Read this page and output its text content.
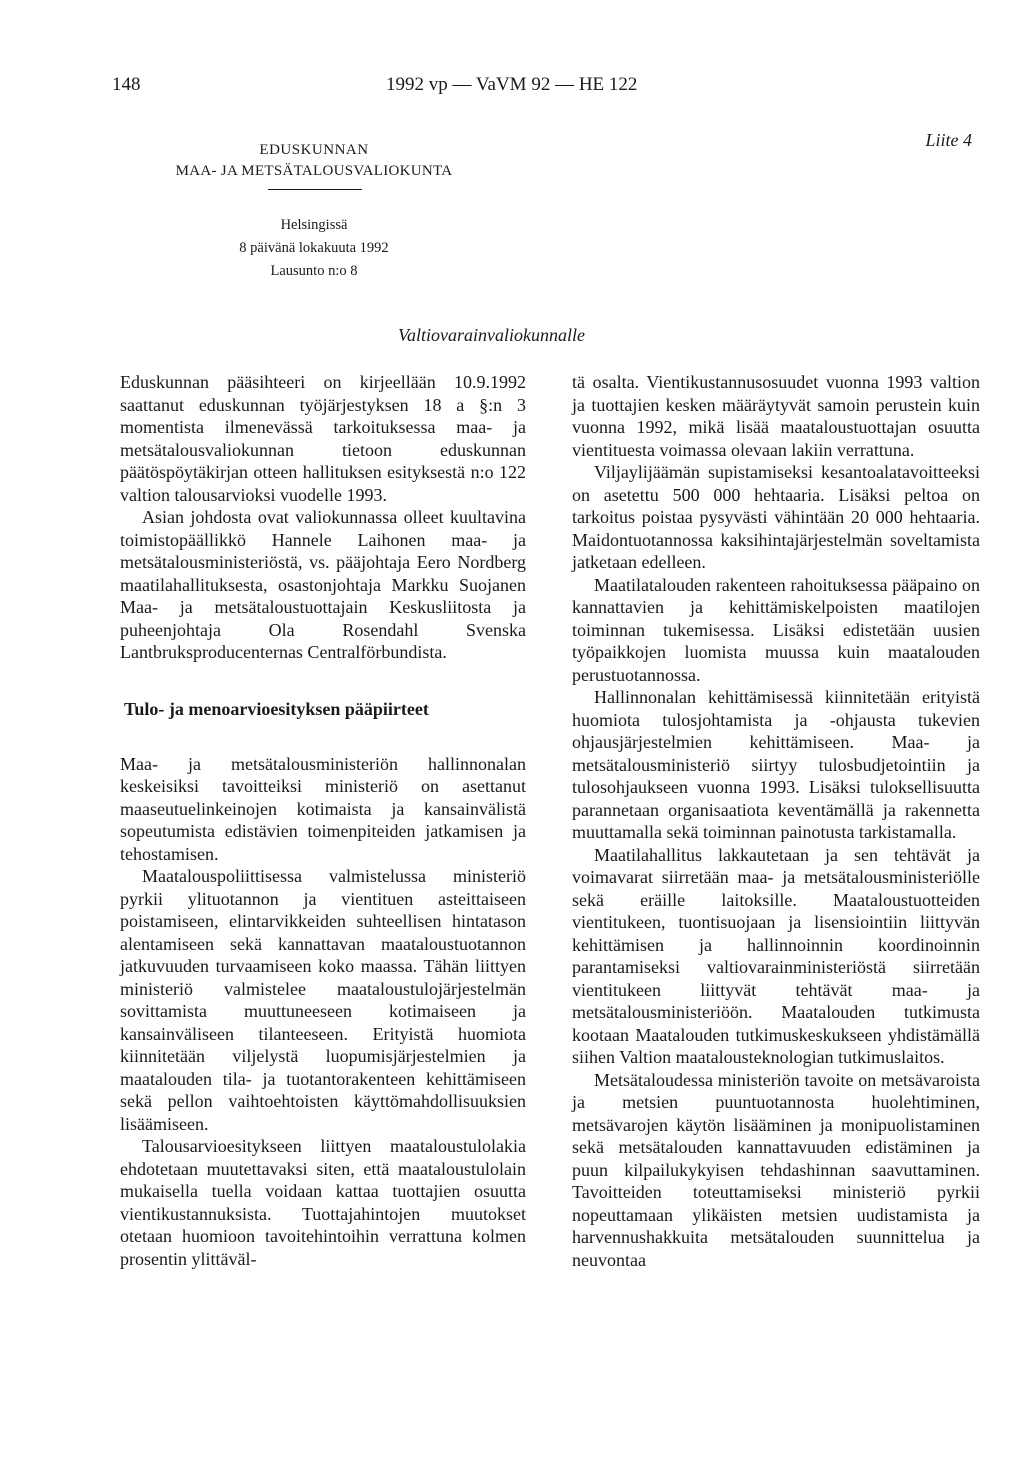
148	1992 vp — VaVM 92 — HE 122
Liite 4
EDUSKUNNAN
MAA- JA METSÄTALOUSVALIOKUNTA
Helsingissä
8 päivänä lokakuuta 1992
Lausunto n:o 8
Valtiovarainvaliokunnalle

Eduskunnan pääsihteeri on kirjeellään 10.9.1992 saattanut eduskunnan työjärjestyksen 18 a §:n 3 momentista ilmenevässä tarkoituksessa maa- ja metsätalousvaliokunnan tietoon eduskunnan päätöspöytäkirjan otteen hallituksen esityksestä n:o 122 valtion talousarvioksi vuodelle 1993.

Asian johdosta ovat valiokunnassa olleet kuultavina toimistopäällikkö Hannele Laihonen maa- ja metsätalousministeriöstä, vs. pääjohtaja Eero Nordberg maatilahallituksesta, osastonjohtaja Markku Suojanen Maa- ja metsätaloustuottajain Keskusliitosta ja puheenjohtaja Ola Rosendahl Svenska Lantbruksproducenternas Centralförbundista.

Tulo- ja menoarvioesityksen pääpiirteet

Maa- ja metsätalousministeriön hallinnonalan keskeisiksi tavoitteiksi ministeriö on asettanut maaseutuelinkeinojen kotimaista ja kansainvälistä sopeutumista edistävien toimenpiteiden jatkamisen ja tehostamisen.

Maatalouspoliittisessa valmistelussa ministeriö pyrkii ylituotannon ja vientituen asteittaiseen poistamiseen, elintarvikkeiden suhteellisen hintatason alentamiseen sekä kannattavan maataloustuotannon jatkuvuuden turvaamiseen koko maassa. Tähän liittyen ministeriö valmistelee maataloustulojärjestelmän sovittamista muuttuneeseen kotimaiseen ja kansainväliseen tilanteeseen. Erityistä huomiota kiinnitetään viljelystä luopumisjärjestelmien ja maatalouden tila- ja tuotantorakenteen kehittämiseen sekä pellon vaihtoehtoisten käyttömahdollisuuksien lisäämiseen.

Talousarvioesitykseen liittyen maataloustulolakia ehdotetaan muutettavaksi siten, että maataloustulolain mukaisella tuella voidaan kattaa tuottajien osuutta vientikustannuksista. Tuottajahintojen muutokset otetaan huomioon tavoitehintoihin verrattuna kolmen prosentin ylittäväl-

tä osalta. Vientikustannusosuudet vuonna 1993 valtion ja tuottajien kesken määräytyvät samoin perustein kuin vuonna 1992, mikä lisää maataloustuottajan osuutta vientituesta voimassa olevaan lakiin verrattuna.

Viljaylijäämän supistamiseksi kesantoalatavoitteeksi on asetettu 500 000 hehtaaria. Lisäksi peltoa on tarkoitus poistaa pysyvästi vähintään 20 000 hehtaaria. Maidontuotannossa kaksihintajärjestelmän soveltamista jatketaan edelleen.

Maatilatalouden rakenteen rahoituksessa pääpaino on kannattavien ja kehittämiskelpoisten maatilojen toiminnan tukemisessa. Lisäksi edistetään uusien työpaikkojen luomista muussa kuin maatalouden perustuotannossa.

Hallinnonalan kehittämisessä kiinnitetään erityistä huomiota tulosjohtamista ja -ohjausta tukevien ohjausjärjestelmien kehittämiseen. Maa- ja metsätalousministeriö siirtyy tulosbudjetointiin ja tulosohjaukseen vuonna 1993. Lisäksi tuloksellisuutta parannetaan organisaatiota keventämällä ja rakennetta muuttamalla sekä toiminnan painotusta tarkistamalla.

Maatilahallitus lakkautetaan ja sen tehtävät ja voimavarat siirretään maa- ja metsätalousministeriölle sekä eräille laitoksille. Maataloustuotteiden vientitukeen, tuontisuojaan ja lisensiointiin liittyvän kehittämisen ja hallinnoinnin koordinoinnin parantamiseksi valtiovarainministeriöstä siirretään vientitukeen liittyvät tehtävät maa- ja metsätalousministeriöön. Maatalouden tutkimusta kootaan Maatalouden tutkimuskeskukseen yhdistämällä siihen Valtion maatalousteknologian tutkimuslaitos.

Metsätaloudessa ministeriön tavoite on metsävaroista ja metsien puuntuotannosta huolehtiminen, metsävarojen käytön lisääminen ja monipuolistaminen sekä metsätalouden kannattavuuden edistäminen ja puun kilpailukykyisen tehdashinnan saavuttaminen. Tavoitteiden toteuttamiseksi ministeriö pyrkii nopeuttamaan ylikäisten metsien uudistamista ja harvennushakkuita metsätalouden suunnittelua ja neuvontaa
